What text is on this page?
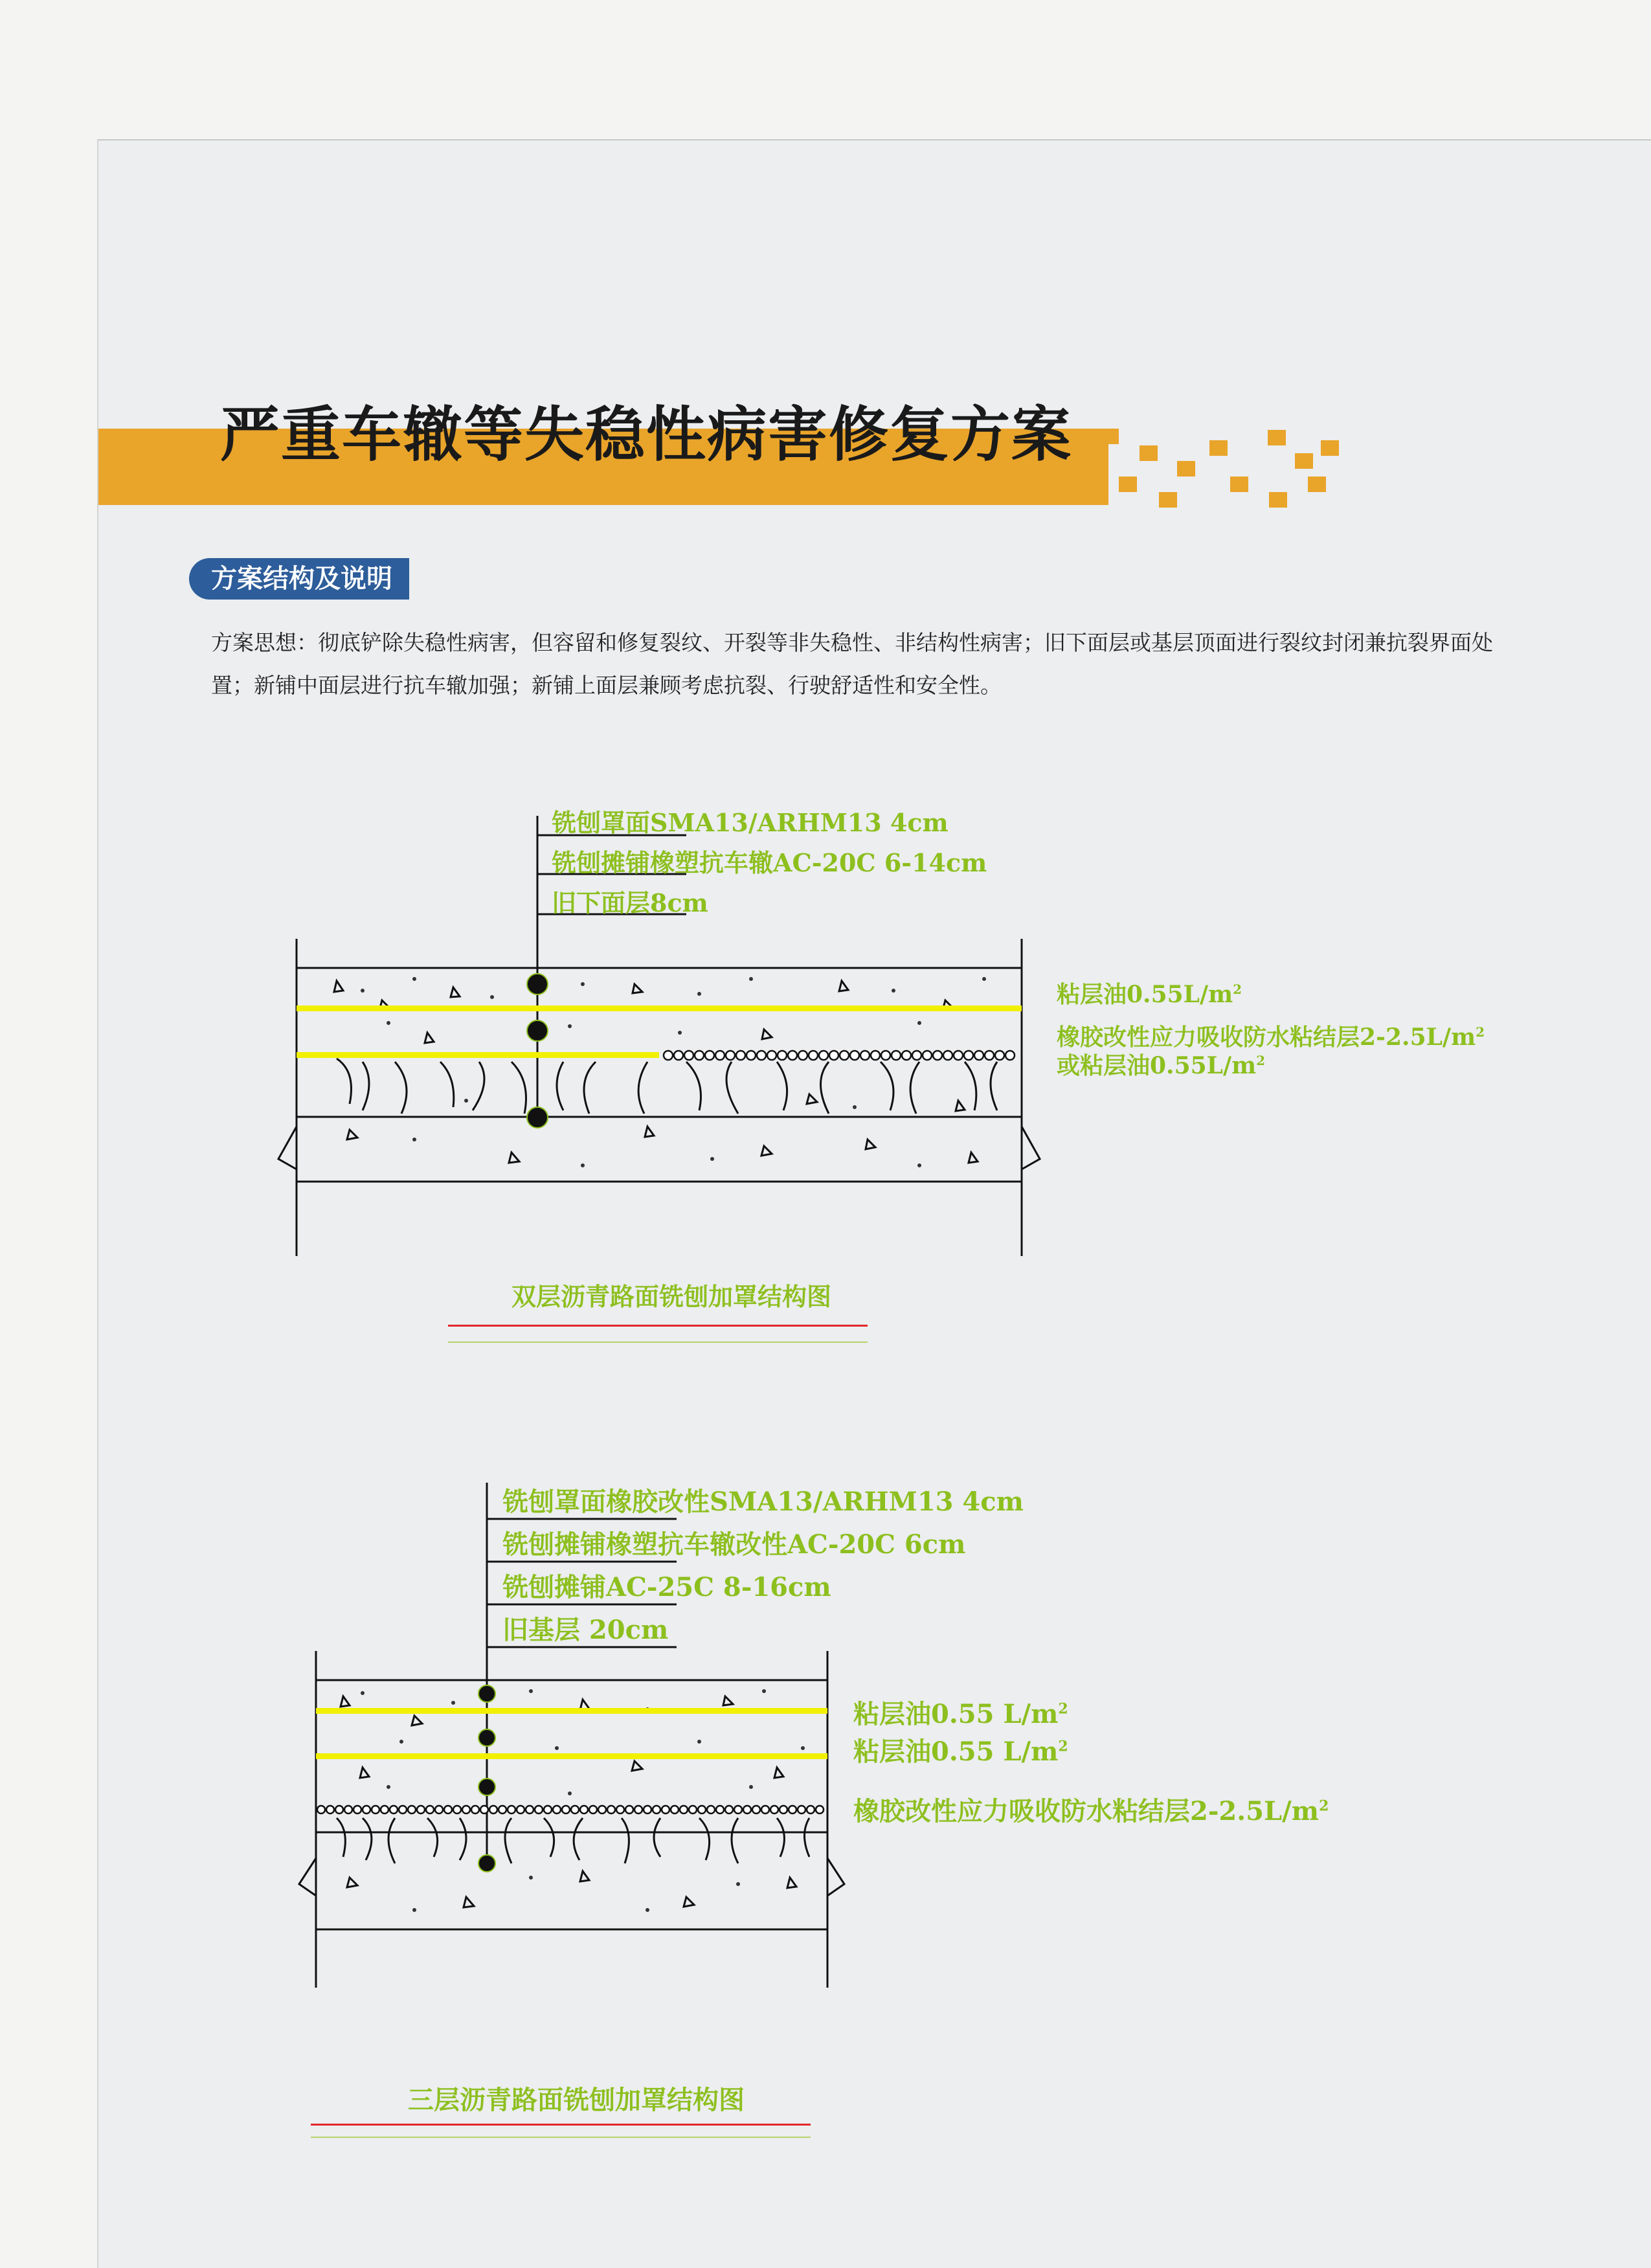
严重车辙等失稳性病害修复方案
方案结构及说明

方案思想：彻底铲除失稳性病害，但容留和修复裂纹、开裂等非失稳性、非结构性病害；旧下面层或基层顶面进行裂纹封闭兼抗裂界面处置；新铺中面层进行抗车辙加强；新铺上面层兼顾考虑抗裂、行驶舒适性和安全性。

铣刨罩面SMA13/ARHM13 4cm
铣刨摊铺橡塑抗车辙AC-20C 6-14cm
旧下面层8cm
粘层油$0.55L/m^2$
橡胶改性应力吸收防水粘结层$2-2.5L/m^2$
或粘层油$0.55L/m^2$
双层沥青路面铣刨加罩结构图
铣刨罩面橡胶改性SMA13/ARHM13 4cm
铣刨摊铺橡塑抗车辙改性AC-20C 6cm
铣刨摊铺AC-25C 8-16cm
旧基层 20cm
粘层油0.55 $L/m^2$
粘层油0.55 $L/m^2$
橡胶改性应力吸收防水粘结层$2-2.5L/m^2$
三层沥青路面铣刨加罩结构图
